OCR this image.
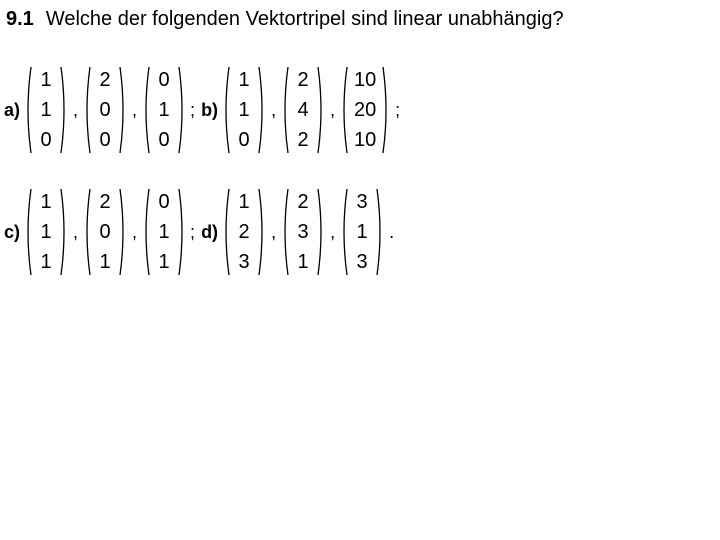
9.1 Welche der folgenden Vektortripel sind linear unabhängig?
a)
1
1
0
,
2
0
0
,
0
1
0
; b)
1
1
0
,
2
4
2
,
10
20
10
;
c)
1
1
1
,
2
0
1
,
0
1
1
; d)
1
2
3
,
2
3
1
,
3
1
3
.
